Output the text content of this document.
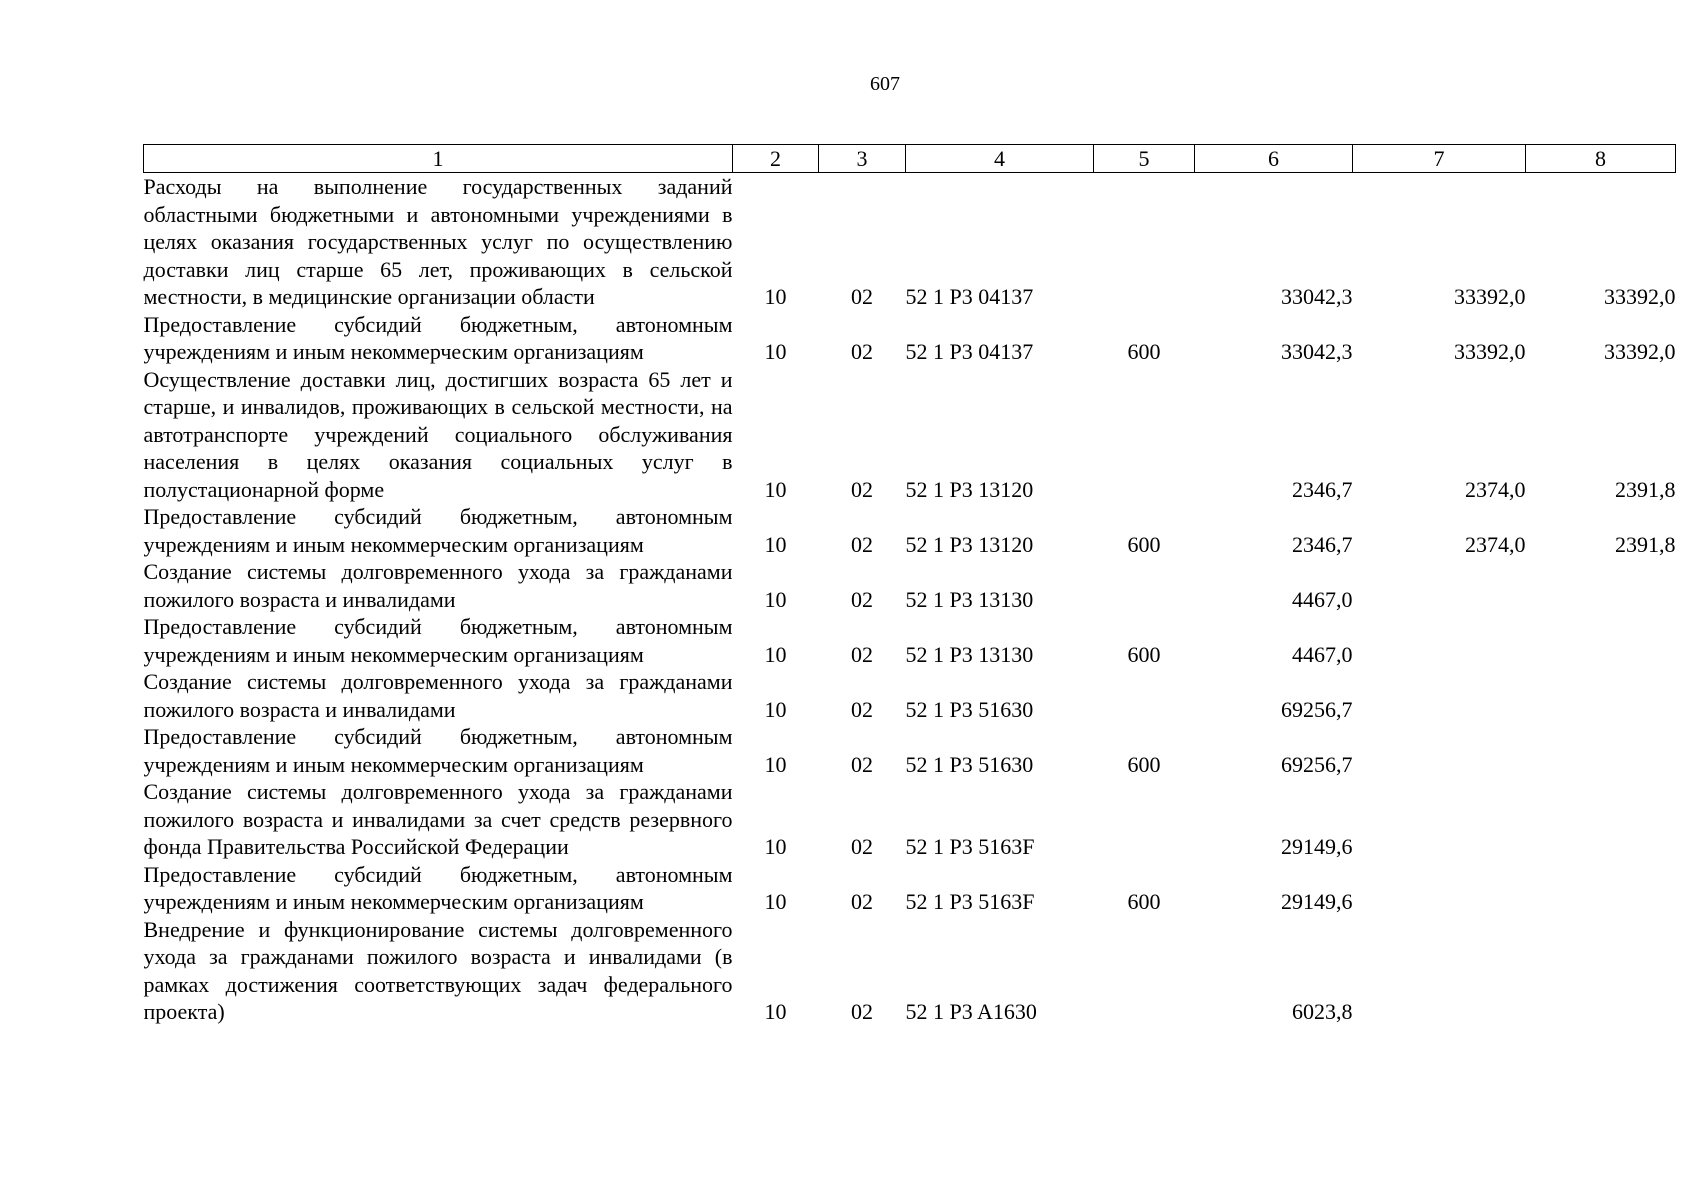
607
1	2	3	4	5	6	7	8
Расходы на выполнение государственных заданий областными бюджетными и автономными учреждениями в целях оказания государственных услуг по осуществлению доставки лиц старше 65 лет, проживающих в сельской местности, в медицинские организации области	10	02	52 1 P3 04137		33042,3	33392,0	33392,0
Предоставление субсидий бюджетным, автономным учреждениям и иным некоммерческим организациям	10	02	52 1 P3 04137	600	33042,3	33392,0	33392,0
Осуществление доставки лиц, достигших возраста 65 лет и старше, и инвалидов, проживающих в сельской местности, на автотранспорте учреждений социального обслуживания населения в целях оказания социальных услуг в полустационарной форме	10	02	52 1 P3 13120		2346,7	2374,0	2391,8
Предоставление субсидий бюджетным, автономным учреждениям и иным некоммерческим организациям	10	02	52 1 P3 13120	600	2346,7	2374,0	2391,8
Создание системы долговременного ухода за гражданами пожилого возраста и инвалидами	10	02	52 1 P3 13130		4467,0		
Предоставление субсидий бюджетным, автономным учреждениям и иным некоммерческим организациям	10	02	52 1 P3 13130	600	4467,0		
Создание системы долговременного ухода за гражданами пожилого возраста и инвалидами	10	02	52 1 P3 51630		69256,7		
Предоставление субсидий бюджетным, автономным учреждениям и иным некоммерческим организациям	10	02	52 1 P3 51630	600	69256,7		
Создание системы долговременного ухода за гражданами пожилого возраста и инвалидами за счет средств резервного фонда Правительства Российской Федерации	10	02	52 1 P3 5163F		29149,6		
Предоставление субсидий бюджетным, автономным учреждениям и иным некоммерческим организациям	10	02	52 1 P3 5163F	600	29149,6		
Внедрение и функционирование системы долговременного ухода за гражданами пожилого возраста и инвалидами (в рамках достижения соответствующих задач федерального проекта)	10	02	52 1 P3 A1630		6023,8		
